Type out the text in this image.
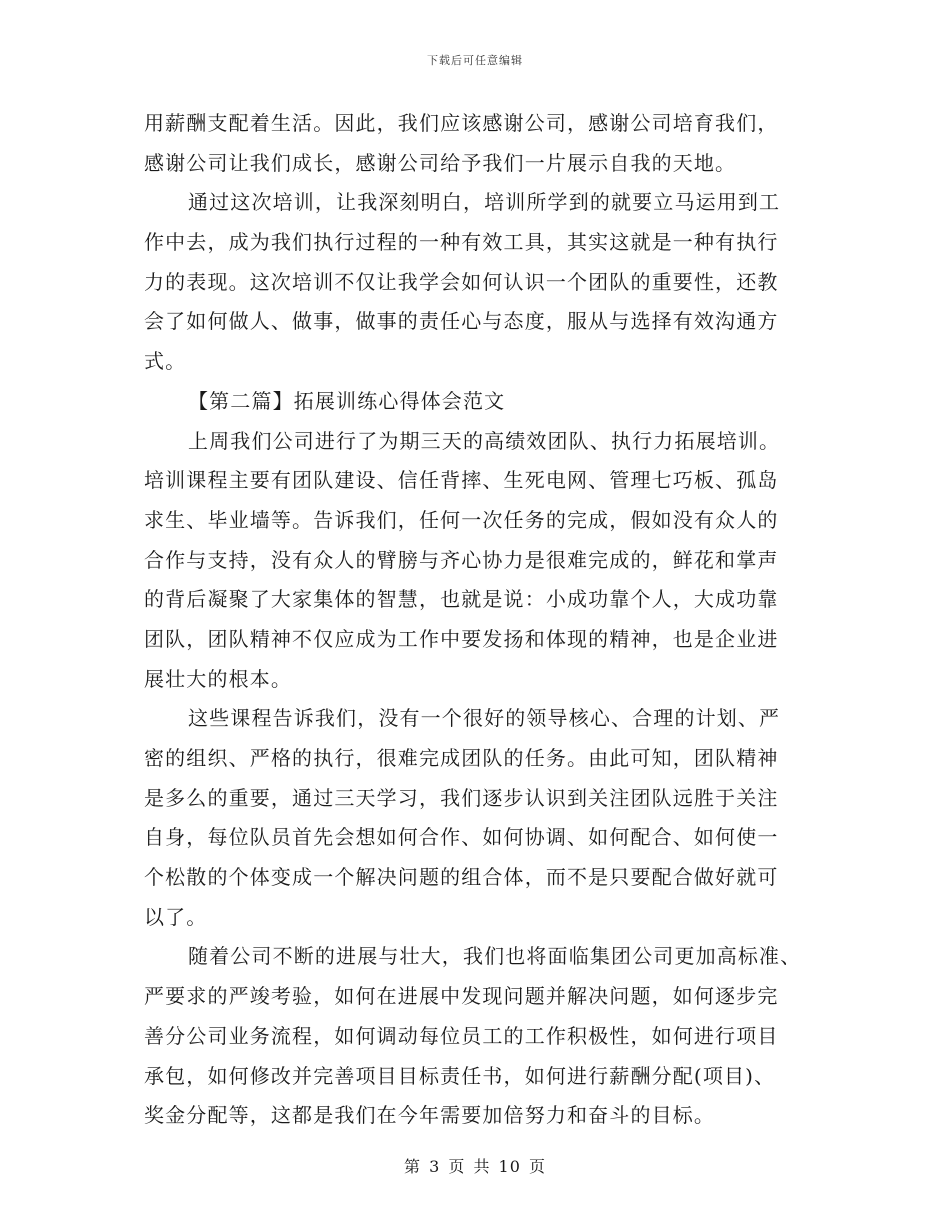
下载后可任意编辑
用薪酬支配着生活。因此，我们应该感谢公司，感谢公司培育我们，
感谢公司让我们成长，感谢公司给予我们一片展示自我的天地。
通过这次培训，让我深刻明白，培训所学到的就要立马运用到工
作中去，成为我们执行过程的一种有效工具，其实这就是一种有执行
力的表现。这次培训不仅让我学会如何认识一个团队的重要性，还教
会了如何做人、做事，做事的责任心与态度，服从与选择有效沟通方
式。
【第二篇】拓展训练心得体会范文
上周我们公司进行了为期三天的高绩效团队、执行力拓展培训。
培训课程主要有团队建设、信任背摔、生死电网、管理七巧板、孤岛
求生、毕业墙等。告诉我们，任何一次任务的完成，假如没有众人的
合作与支持，没有众人的臂膀与齐心协力是很难完成的，鲜花和掌声
的背后凝聚了大家集体的智慧，也就是说：小成功靠个人，大成功靠
团队，团队精神不仅应成为工作中要发扬和体现的精神，也是企业进
展壮大的根本。
这些课程告诉我们，没有一个很好的领导核心、合理的计划、严
密的组织、严格的执行，很难完成团队的任务。由此可知，团队精神
是多么的重要，通过三天学习，我们逐步认识到关注团队远胜于关注
自身，每位队员首先会想如何合作、如何协调、如何配合、如何使一
个松散的个体变成一个解决问题的组合体，而不是只要配合做好就可
以了。
随着公司不断的进展与壮大，我们也将面临集团公司更加高标准、
严要求的严竣考验，如何在进展中发现问题并解决问题，如何逐步完
善分公司业务流程，如何调动每位员工的工作积极性，如何进行项目
承包，如何修改并完善项目目标责任书，如何进行薪酬分配(项目)、
奖金分配等，这都是我们在今年需要加倍努力和奋斗的目标。
第 3 页 共 10 页
